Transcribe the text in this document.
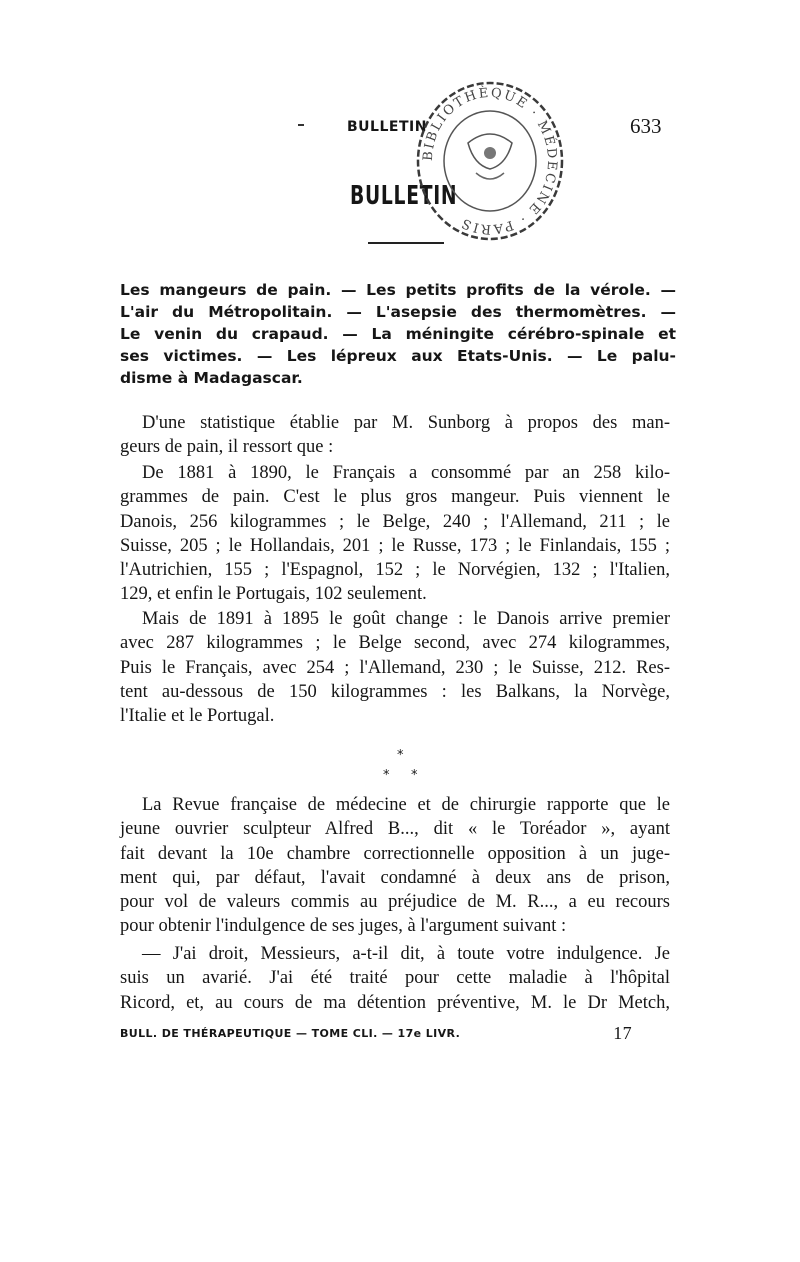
BULLETIN	633
BULLETIN
BIBLIOTHÈQUE · MÉDECINE · PARIS
Les mangeurs de pain. — Les petits profits de la vérole. —
L'air du Métropolitain. — L'asepsie des thermomètres. —
Le venin du crapaud. — La méningite cérébro-spinale et
ses victimes. — Les lépreux aux Etats-Unis. — Le palu-
disme à Madagascar.
D'une statistique établie par M. Sunborg à propos des man-
geurs de pain, il ressort que :
De 1881 à 1890, le Français a consommé par an 258 kilo-
grammes de pain. C'est le plus gros mangeur. Puis viennent le
Danois, 256 kilogrammes ; le Belge, 240 ; l'Allemand, 211 ; le
Suisse, 205 ; le Hollandais, 201 ; le Russe, 173 ; le Finlandais, 155 ;
l'Autrichien, 155 ; l'Espagnol, 152 ; le Norvégien, 132 ; l'Italien,
129, et enfin le Portugais, 102 seulement.
Mais de 1891 à 1895 le goût change : le Danois arrive premier
avec 287 kilogrammes ; le Belge second, avec 274 kilogrammes,
Puis le Français, avec 254 ; l'Allemand, 230 ; le Suisse, 212. Res-
tent au-dessous de 150 kilogrammes : les Balkans, la Norvège,
l'Italie et le Portugal.
*
* *
La Revue française de médecine et de chirurgie rapporte que le
jeune ouvrier sculpteur Alfred B..., dit « le Toréador », ayant
fait devant la 10e chambre correctionnelle opposition à un juge-
ment qui, par défaut, l'avait condamné à deux ans de prison,
pour vol de valeurs commis au préjudice de M. R..., a eu recours
pour obtenir l'indulgence de ses juges, à l'argument suivant :
— J'ai droit, Messieurs, a-t-il dit, à toute votre indulgence. Je
suis un avarié. J'ai été traité pour cette maladie à l'hôpital
Ricord, et, au cours de ma détention préventive, M. le Dr Metch,
BULL. DE THÉRAPEUTIQUE — TOME CLI. — 17e LIVR.	17
